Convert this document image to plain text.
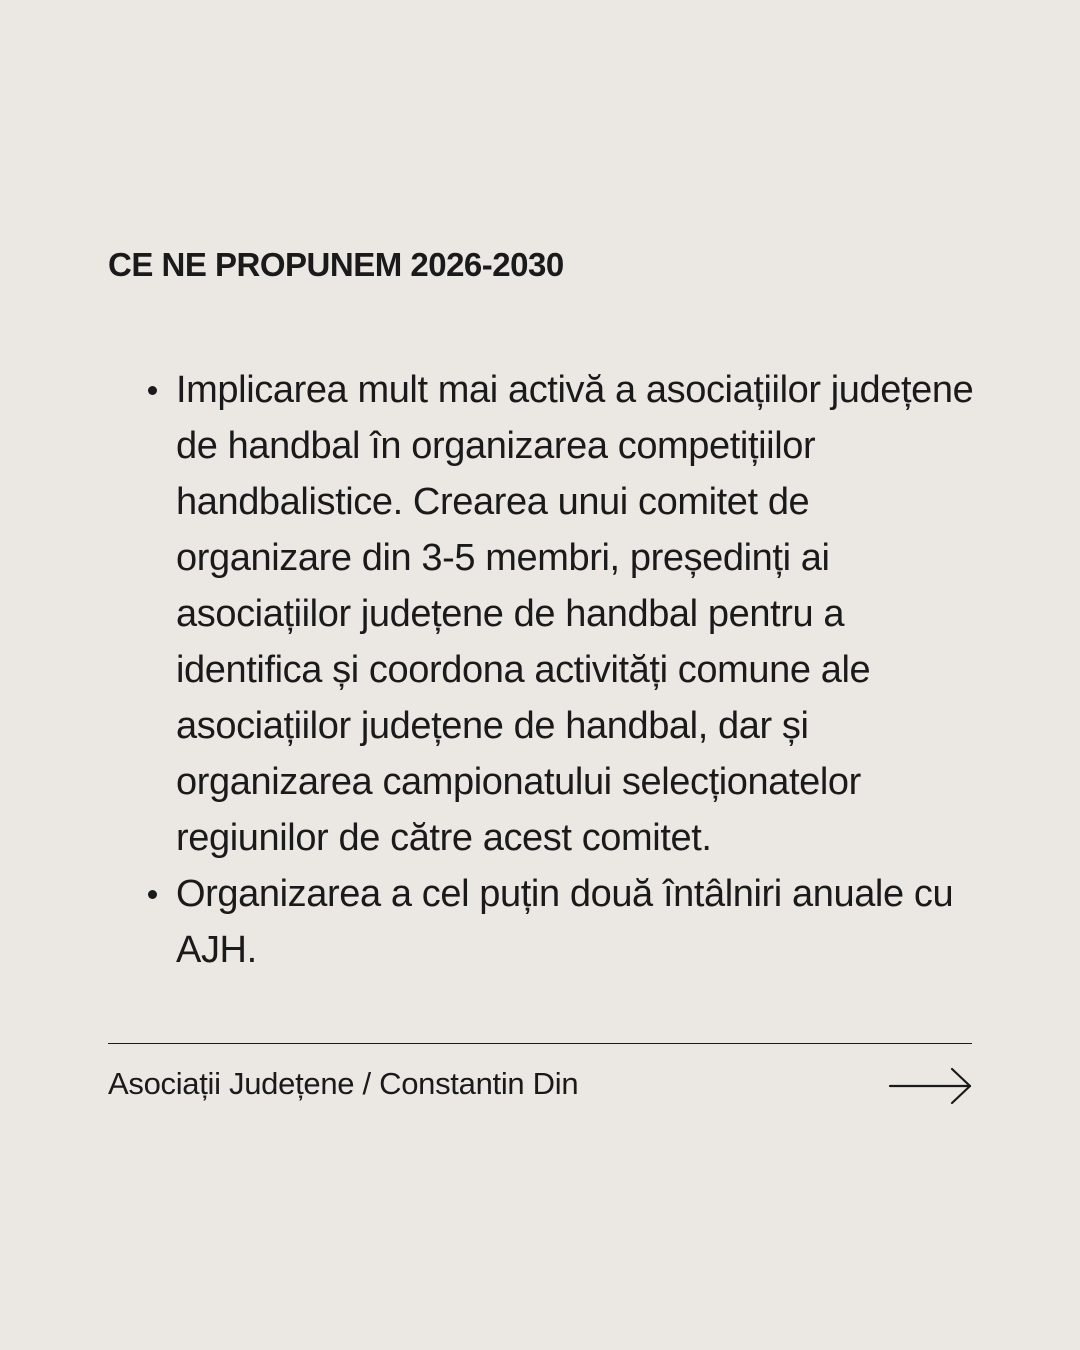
CE NE PROPUNEM 2026-2030
Implicarea mult mai activă a asociațiilor județene de handbal în organizarea competițiilor handbalistice. Crearea unui comitet de organizare din 3-5 membri, președinți ai asociațiilor județene de handbal pentru a identifica și coordona activități comune ale asociațiilor județene de handbal, dar și organizarea campionatului selecționatelor regiunilor de către acest comitet.
Organizarea a cel puțin două întâlniri anuale cu AJH.
Asociații Județene / Constantin Din
